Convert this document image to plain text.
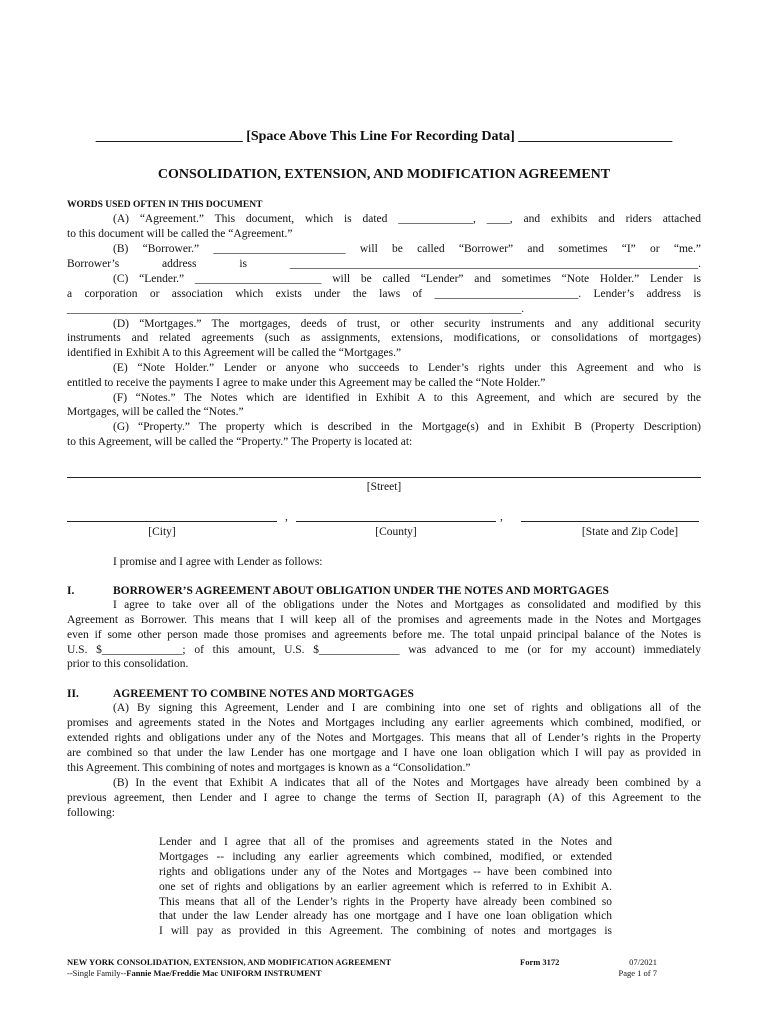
_____________________ [Space Above This Line For Recording Data] ______________________
CONSOLIDATION, EXTENSION, AND MODIFICATION AGREEMENT
WORDS USED OFTEN IN THIS DOCUMENT
(A) “Agreement.” This document, which is dated _____________, ____, and exhibits and riders attached
to this document will be called the “Agreement.”
(B) “Borrower.” _______________________ will be called “Borrower” and sometimes “I” or “me.”
Borrower’s address is _______________________________________________________________________.
(C) “Lender.” ______________________ will be called “Lender” and sometimes “Note Holder.” Lender is
a corporation or association which exists under the laws of _________________________. Lender’s address is
_______________________________________________________________________________.
(D) “Mortgages.” The mortgages, deeds of trust, or other security instruments and any additional security
instruments and related agreements (such as assignments, extensions, modifications, or consolidations of mortgages)
identified in Exhibit A to this Agreement will be called the “Mortgages.”
(E) “Note Holder.” Lender or anyone who succeeds to Lender’s rights under this Agreement and who is
entitled to receive the payments I agree to make under this Agreement may be called the “Note Holder.”
(F) “Notes.” The Notes which are identified in Exhibit A to this Agreement, and which are secured by the
Mortgages, will be called the “Notes.”
(G) “Property.” The property which is described in the Mortgage(s) and in Exhibit B (Property Description)
to this Agreement, will be called the “Property.” The Property is located at:
[Street]
,	,
[City]	[County]	[State and Zip Code]
I promise and I agree with Lender as follows:
I.	BORROWER’S AGREEMENT ABOUT OBLIGATION UNDER THE NOTES AND MORTGAGES
I agree to take over all of the obligations under the Notes and Mortgages as consolidated and modified by this
Agreement as Borrower. This means that I will keep all of the promises and agreements made in the Notes and Mortgages
even if some other person made those promises and agreements before me. The total unpaid principal balance of the Notes is
U.S. $______________; of this amount, U.S. $______________ was advanced to me (or for my account) immediately
prior to this consolidation.
II.	AGREEMENT TO COMBINE NOTES AND MORTGAGES
(A) By signing this Agreement, Lender and I are combining into one set of rights and obligations all of the
promises and agreements stated in the Notes and Mortgages including any earlier agreements which combined, modified, or
extended rights and obligations under any of the Notes and Mortgages. This means that all of Lender’s rights in the Property
are combined so that under the law Lender has one mortgage and I have one loan obligation which I will pay as provided in
this Agreement. This combining of notes and mortgages is known as a “Consolidation.”
(B) In the event that Exhibit A indicates that all of the Notes and Mortgages have already been combined by a
previous agreement, then Lender and I agree to change the terms of Section II, paragraph (A) of this Agreement to the
following:
Lender and I agree that all of the promises and agreements stated in the Notes and
Mortgages -- including any earlier agreements which combined, modified, or extended
rights and obligations under any of the Notes and Mortgages -- have been combined into
one set of rights and obligations by an earlier agreement which is referred to in Exhibit A.
This means that all of the Lender’s rights in the Property have already been combined so
that under the law Lender already has one mortgage and I have one loan obligation which
I will pay as provided in this Agreement. The combining of notes and mortgages is
NEW YORK CONSOLIDATION, EXTENSION, AND MODIFICATION AGREEMENT
--Single Family--Fannie Mae/Freddie Mac UNIFORM INSTRUMENT
Form 3172	07/2021
Page 1 of 7
